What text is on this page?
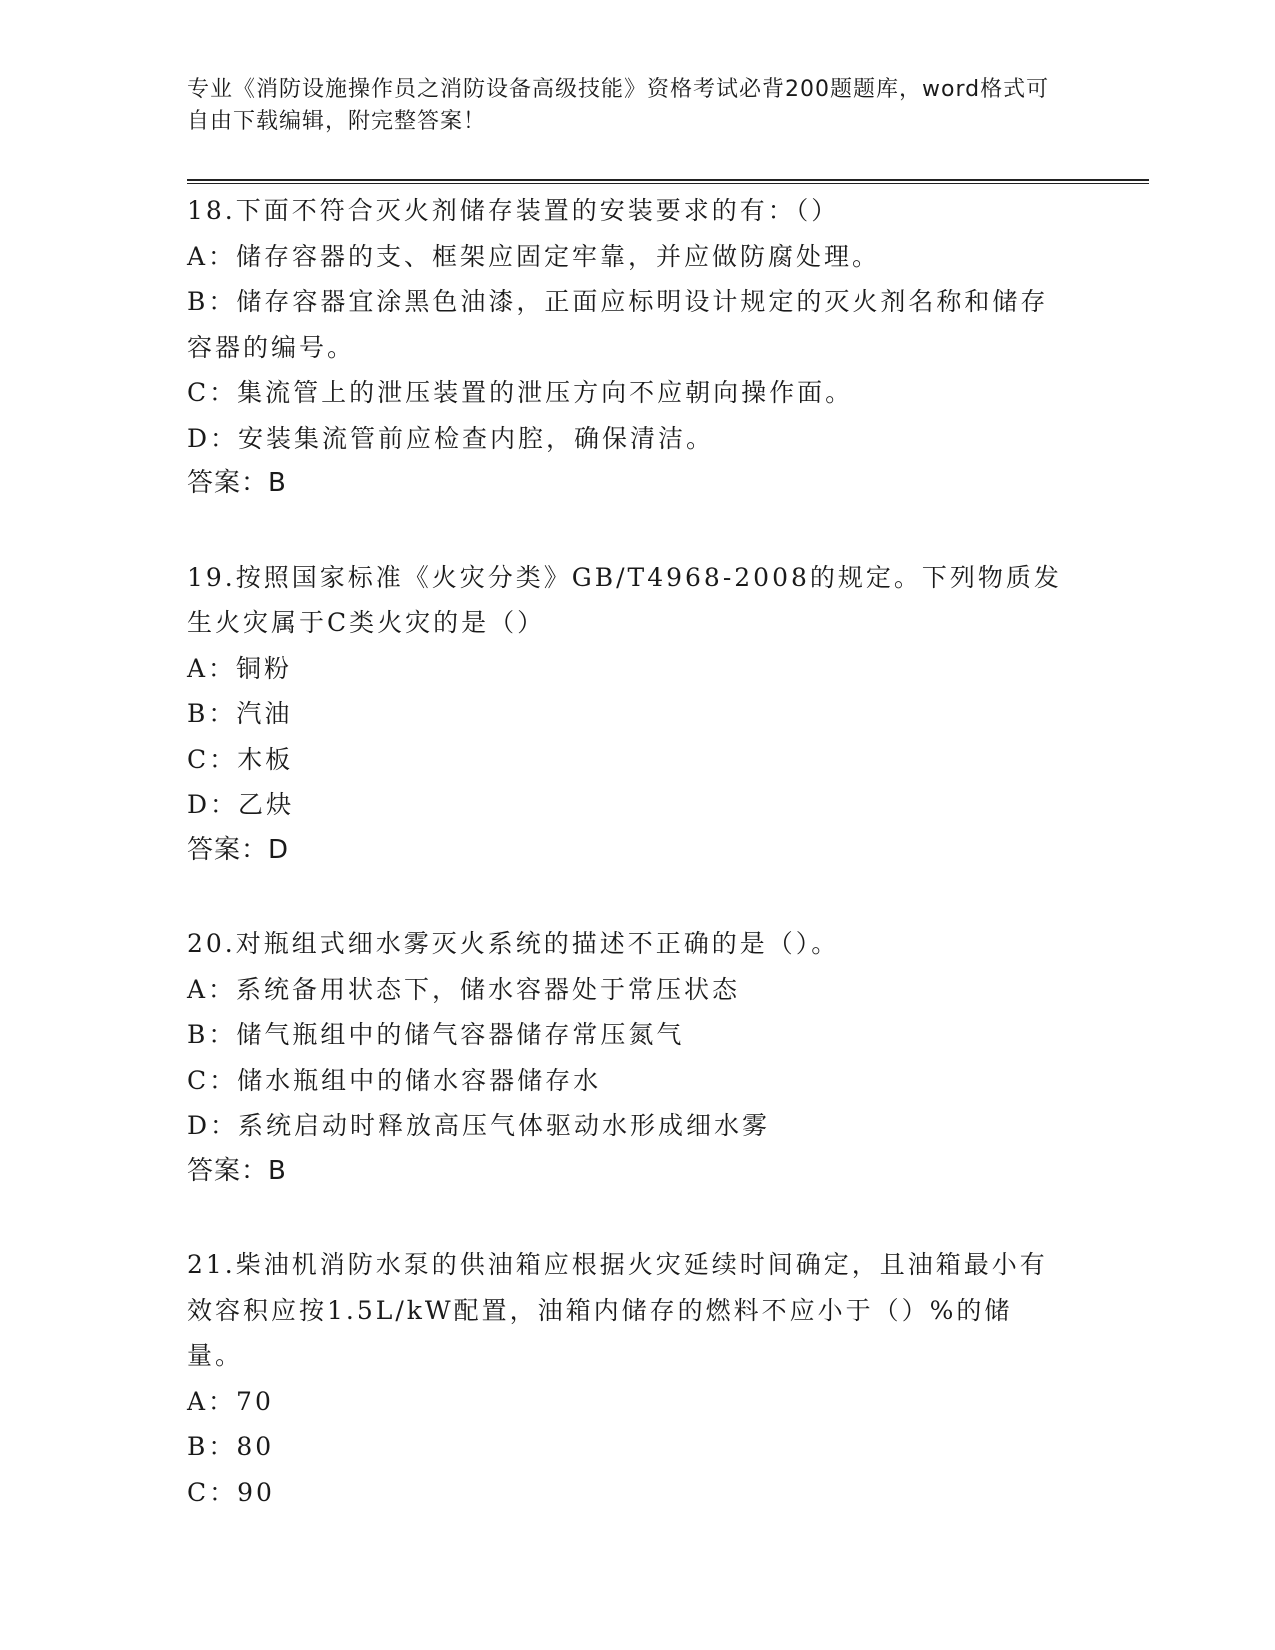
专业《消防设施操作员之消防设备高级技能》资格考试必背200题题库，word格式可自由下载编辑，附完整答案！
18.下面不符合灭火剂储存装置的安装要求的有：（）
A：储存容器的支、框架应固定牢靠，并应做防腐处理。
B：储存容器宜涂黑色油漆，正面应标明设计规定的灭火剂名称和储存容器的编号。
C：集流管上的泄压装置的泄压方向不应朝向操作面。
D：安装集流管前应检查内腔，确保清洁。
答案：B
19.按照国家标准《火灾分类》GB/T4968-2008的规定。下列物质发生火灾属于C类火灾的是（）
A：铜粉
B：汽油
C：木板
D：乙炔
答案：D
20.对瓶组式细水雾灭火系统的描述不正确的是（）。
A：系统备用状态下，储水容器处于常压状态
B：储气瓶组中的储气容器储存常压氮气
C：储水瓶组中的储水容器储存水
D：系统启动时释放高压气体驱动水形成细水雾
答案：B
21.柴油机消防水泵的供油箱应根据火灾延续时间确定，且油箱最小有效容积应按1.5L/kW配置，油箱内储存的燃料不应小于（）%的储量。
A：70
B：80
C：90
